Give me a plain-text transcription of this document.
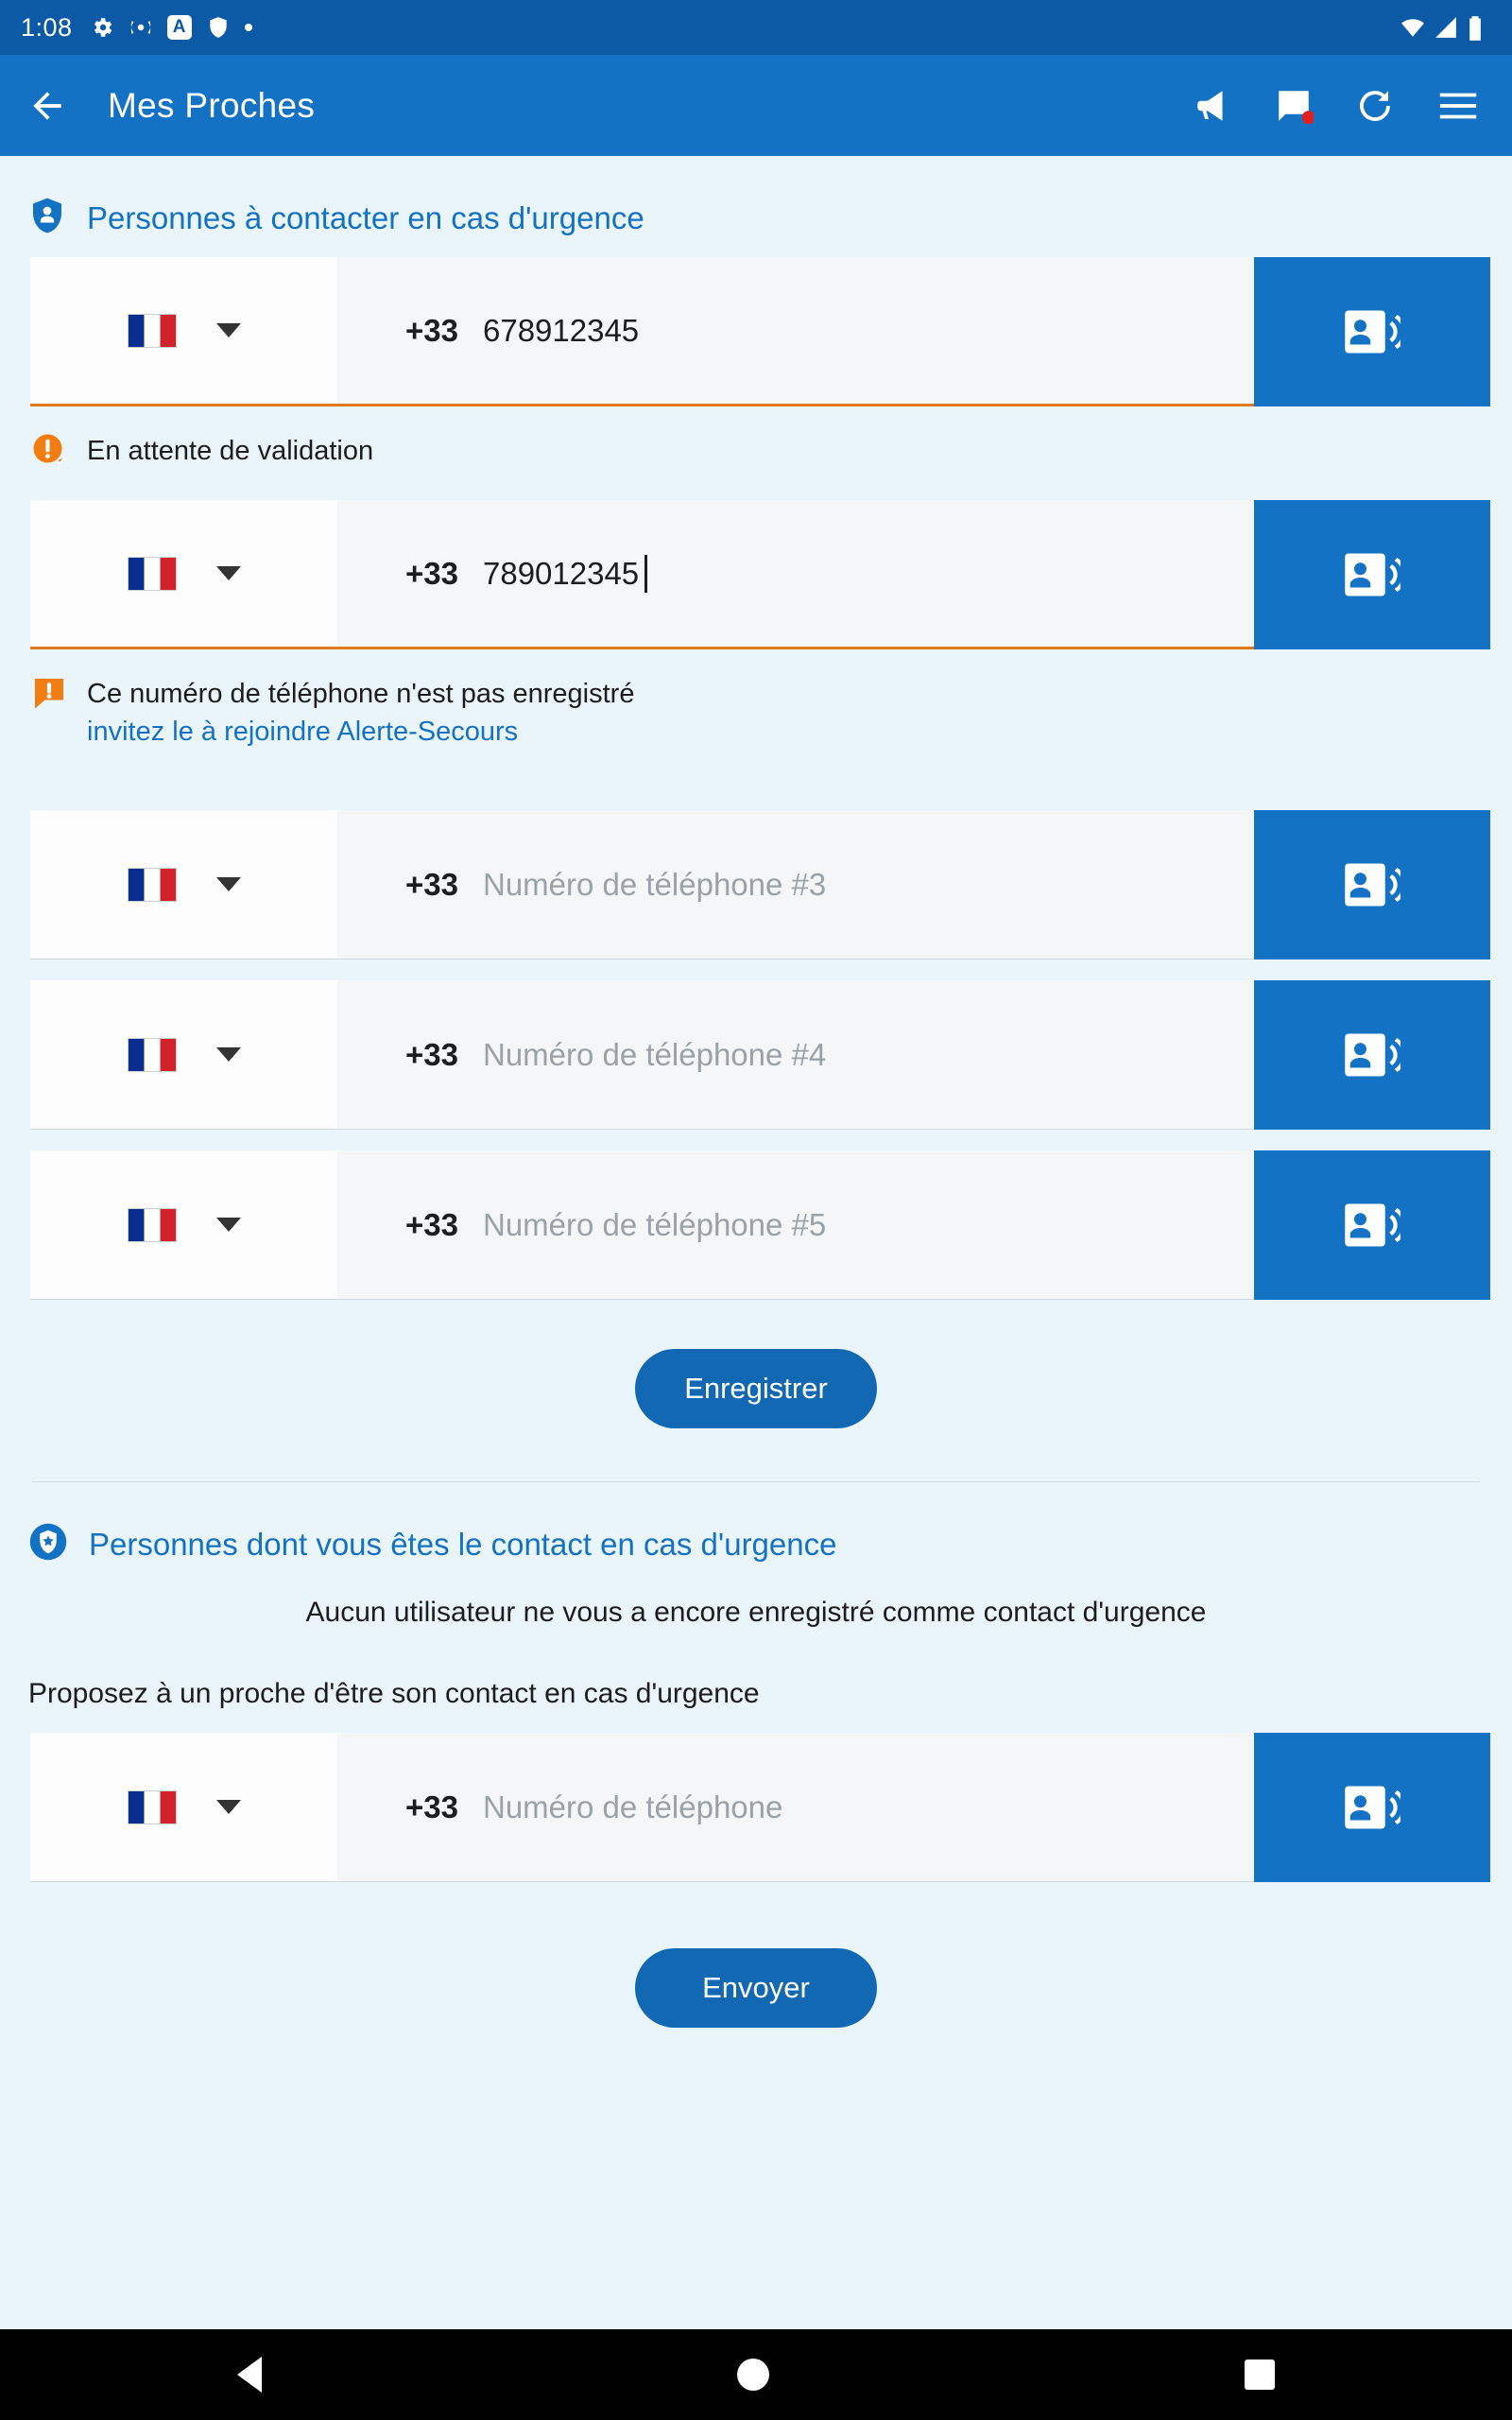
1:08	A
Mes Proches
Personnes à contacter en cas d'urgence
+33 678912345
En attente de validation
+33 789012345
Ce numéro de téléphone n'est pas enregistré
invitez le à rejoindre Alerte-Secours
+33 Numéro de téléphone #3
+33 Numéro de téléphone #4
+33 Numéro de téléphone #5
Enregistrer
Personnes dont vous êtes le contact en cas d'urgence
Aucun utilisateur ne vous a encore enregistré comme contact d'urgence
Proposez à un proche d'être son contact en cas d'urgence
+33 Numéro de téléphone
Envoyer
